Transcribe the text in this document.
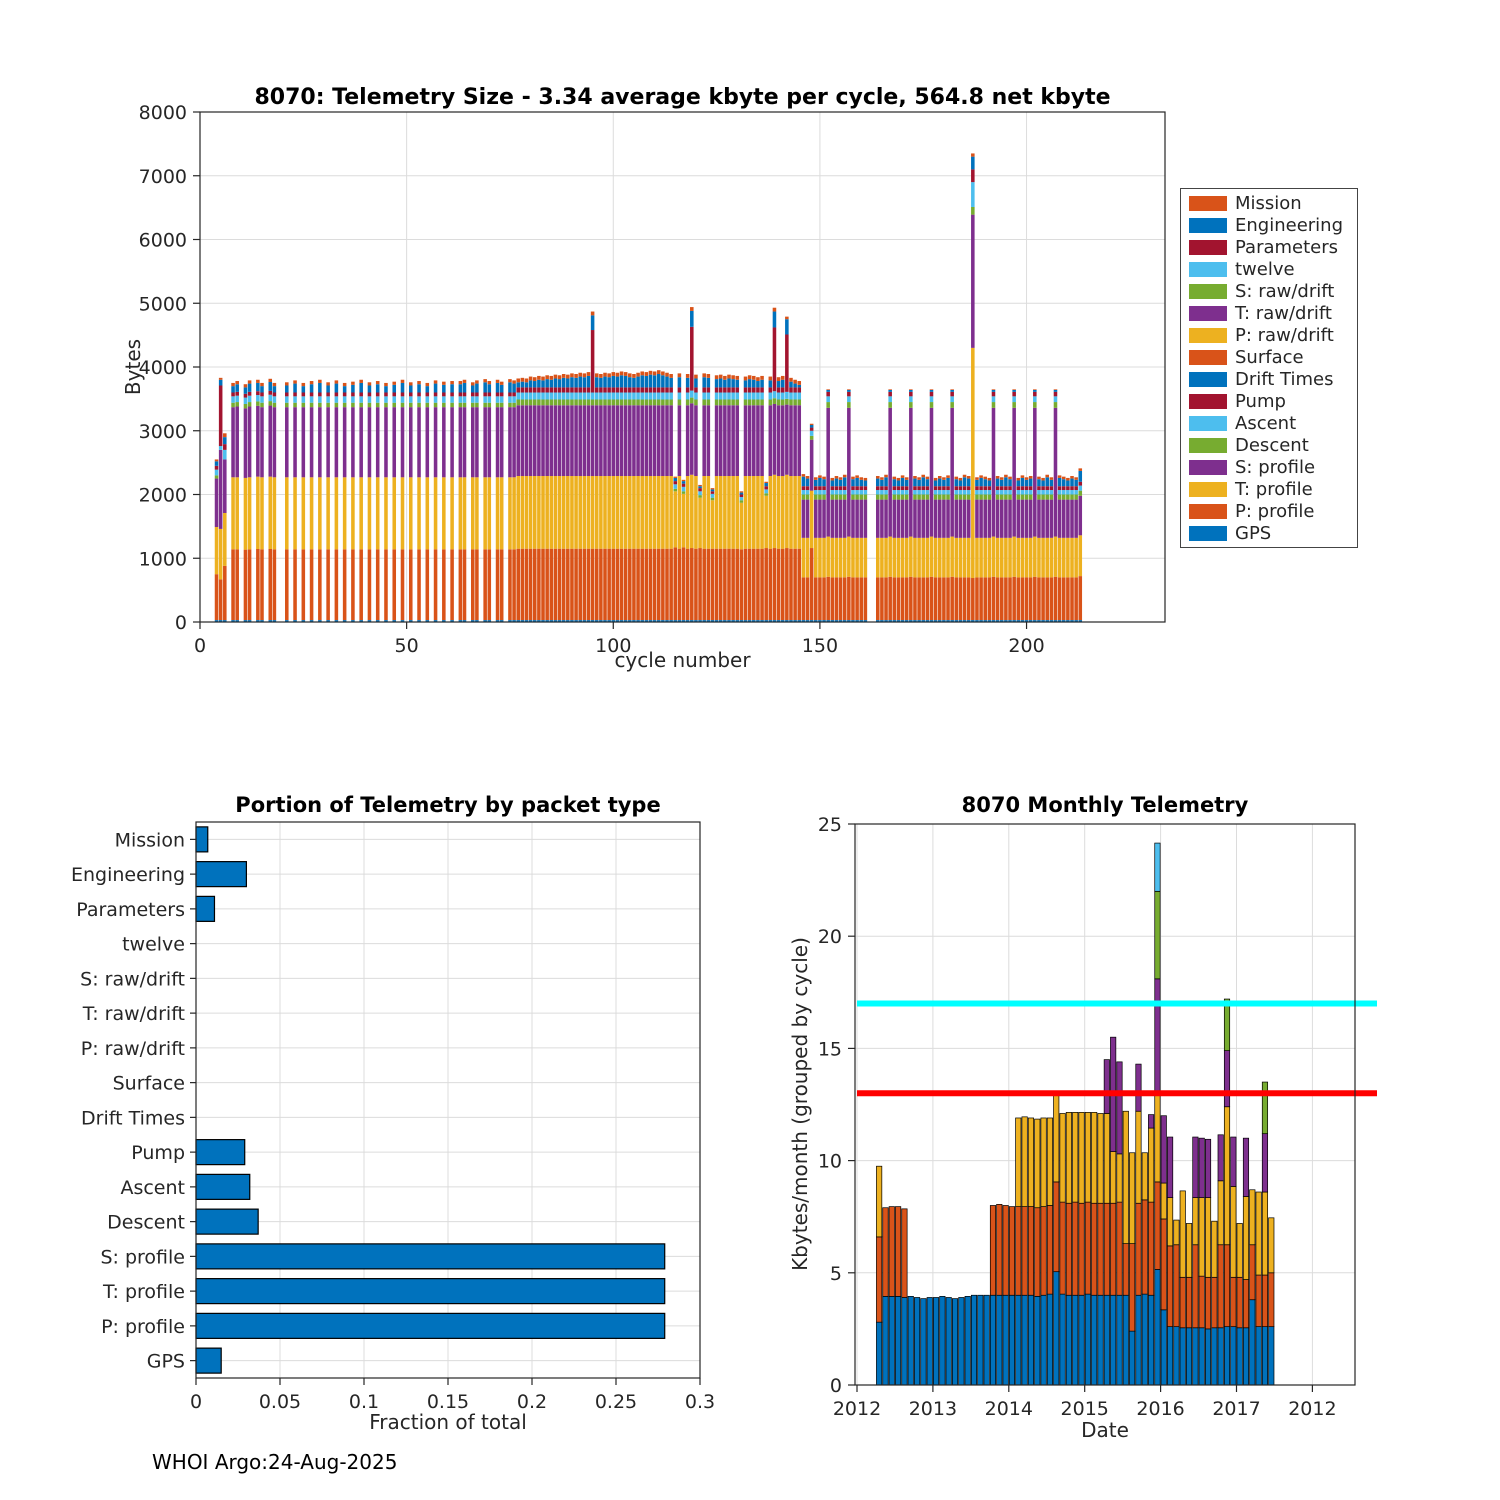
0	50	100	150	200
0
1000
2000
3000
4000
5000
6000
7000
8000
Mission
Engineering
Parameters
twelve
S: raw/drift
T: raw/drift
P: raw/drift
Surface
Drift Times
Pump
Ascent
Descent
S: profile
T: profile
P: profile
GPS
0	0.05	0.1	0.15	0.2	0.25	0.3
0
5
10
15
20
25
2012 2013 2014 2015 2016 2017 2012
8070: Telemetry Size - 3.34 average kbyte per cycle, 564.8 net kbyte
Bytes
cycle number
Portion of Telemetry by packet type
Fraction of total
8070 Monthly Telemetry
Kbytes/month (grouped by cycle)
Date
Mission
Engineering
Parameters
twelve
S: raw/drift
T: raw/drift
P: raw/drift
Surface
Drift Times
Pump
Ascent
Descent
S: profile
T: profile
P: profile
GPS
WHOI Argo:24-Aug-2025
